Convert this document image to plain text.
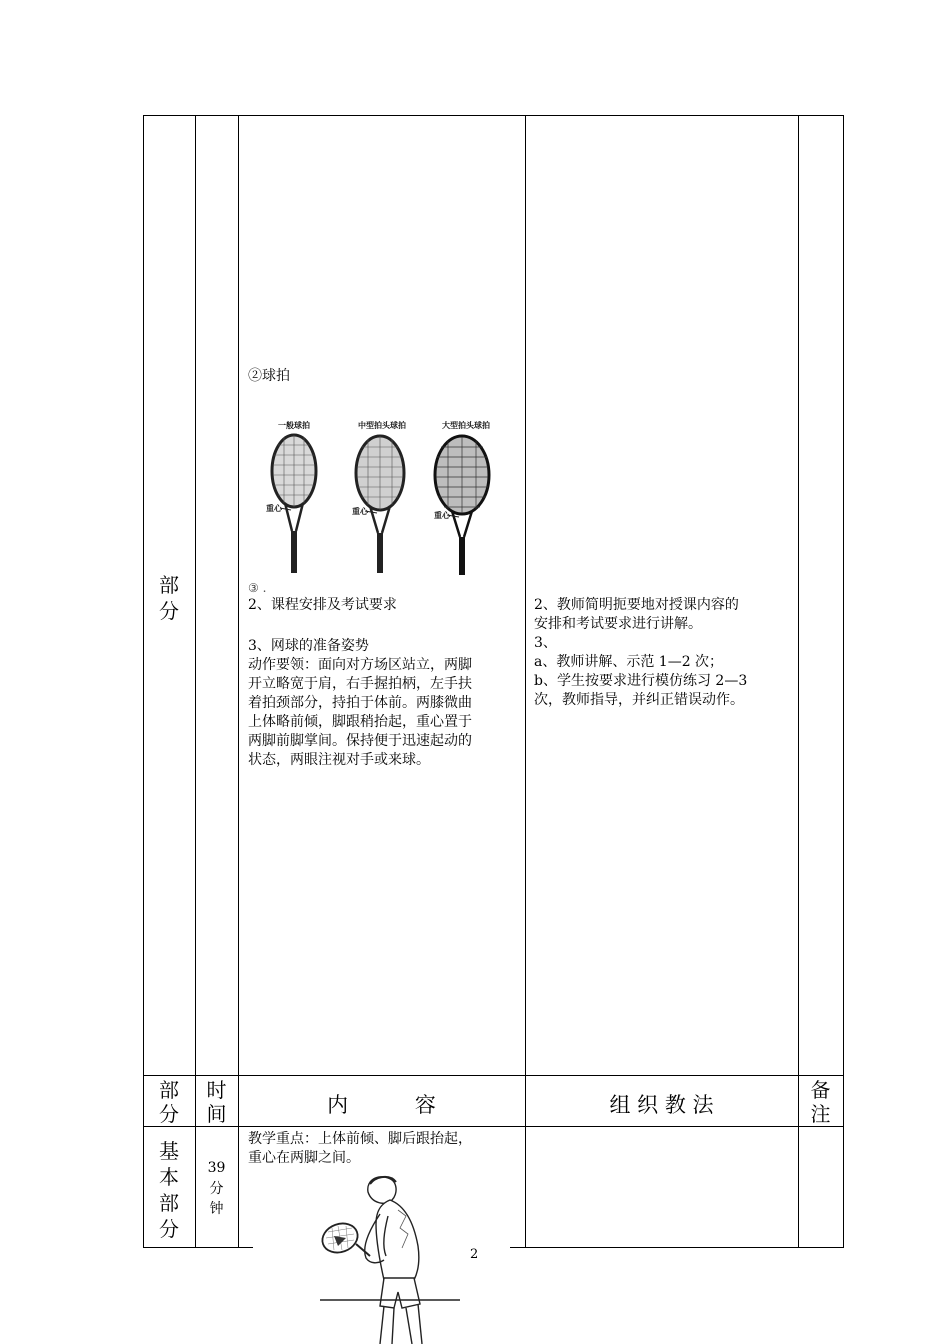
部
分
②球拍
一般球拍
重心
中型拍头球拍
重心
大型拍头球拍
重心
③ .
2、课程安排及考试要求
3、网球的准备姿势
动作要领：面向对方场区站立，两脚
开立略宽于肩，右手握拍柄，左手扶
着拍颈部分，持拍于体前。两膝微曲
上体略前倾，脚跟稍抬起，重心置于
两脚前脚掌间。保持便于迅速起动的
状态，两眼注视对手或来球。
2、教师简明扼要地对授课内容的
安排和考试要求进行讲解。
3、
a、教师讲解、示范 1—2 次；
b、学生按要求进行模仿练习 2—3
次，教师指导，并纠正错误动作。
部
分
时
间	内          容	组 织 教 法
备
注
基
本
部
分
39
分
钟
教学重点：上体前倾、脚后跟抬起，
重心在两脚之间。
2
